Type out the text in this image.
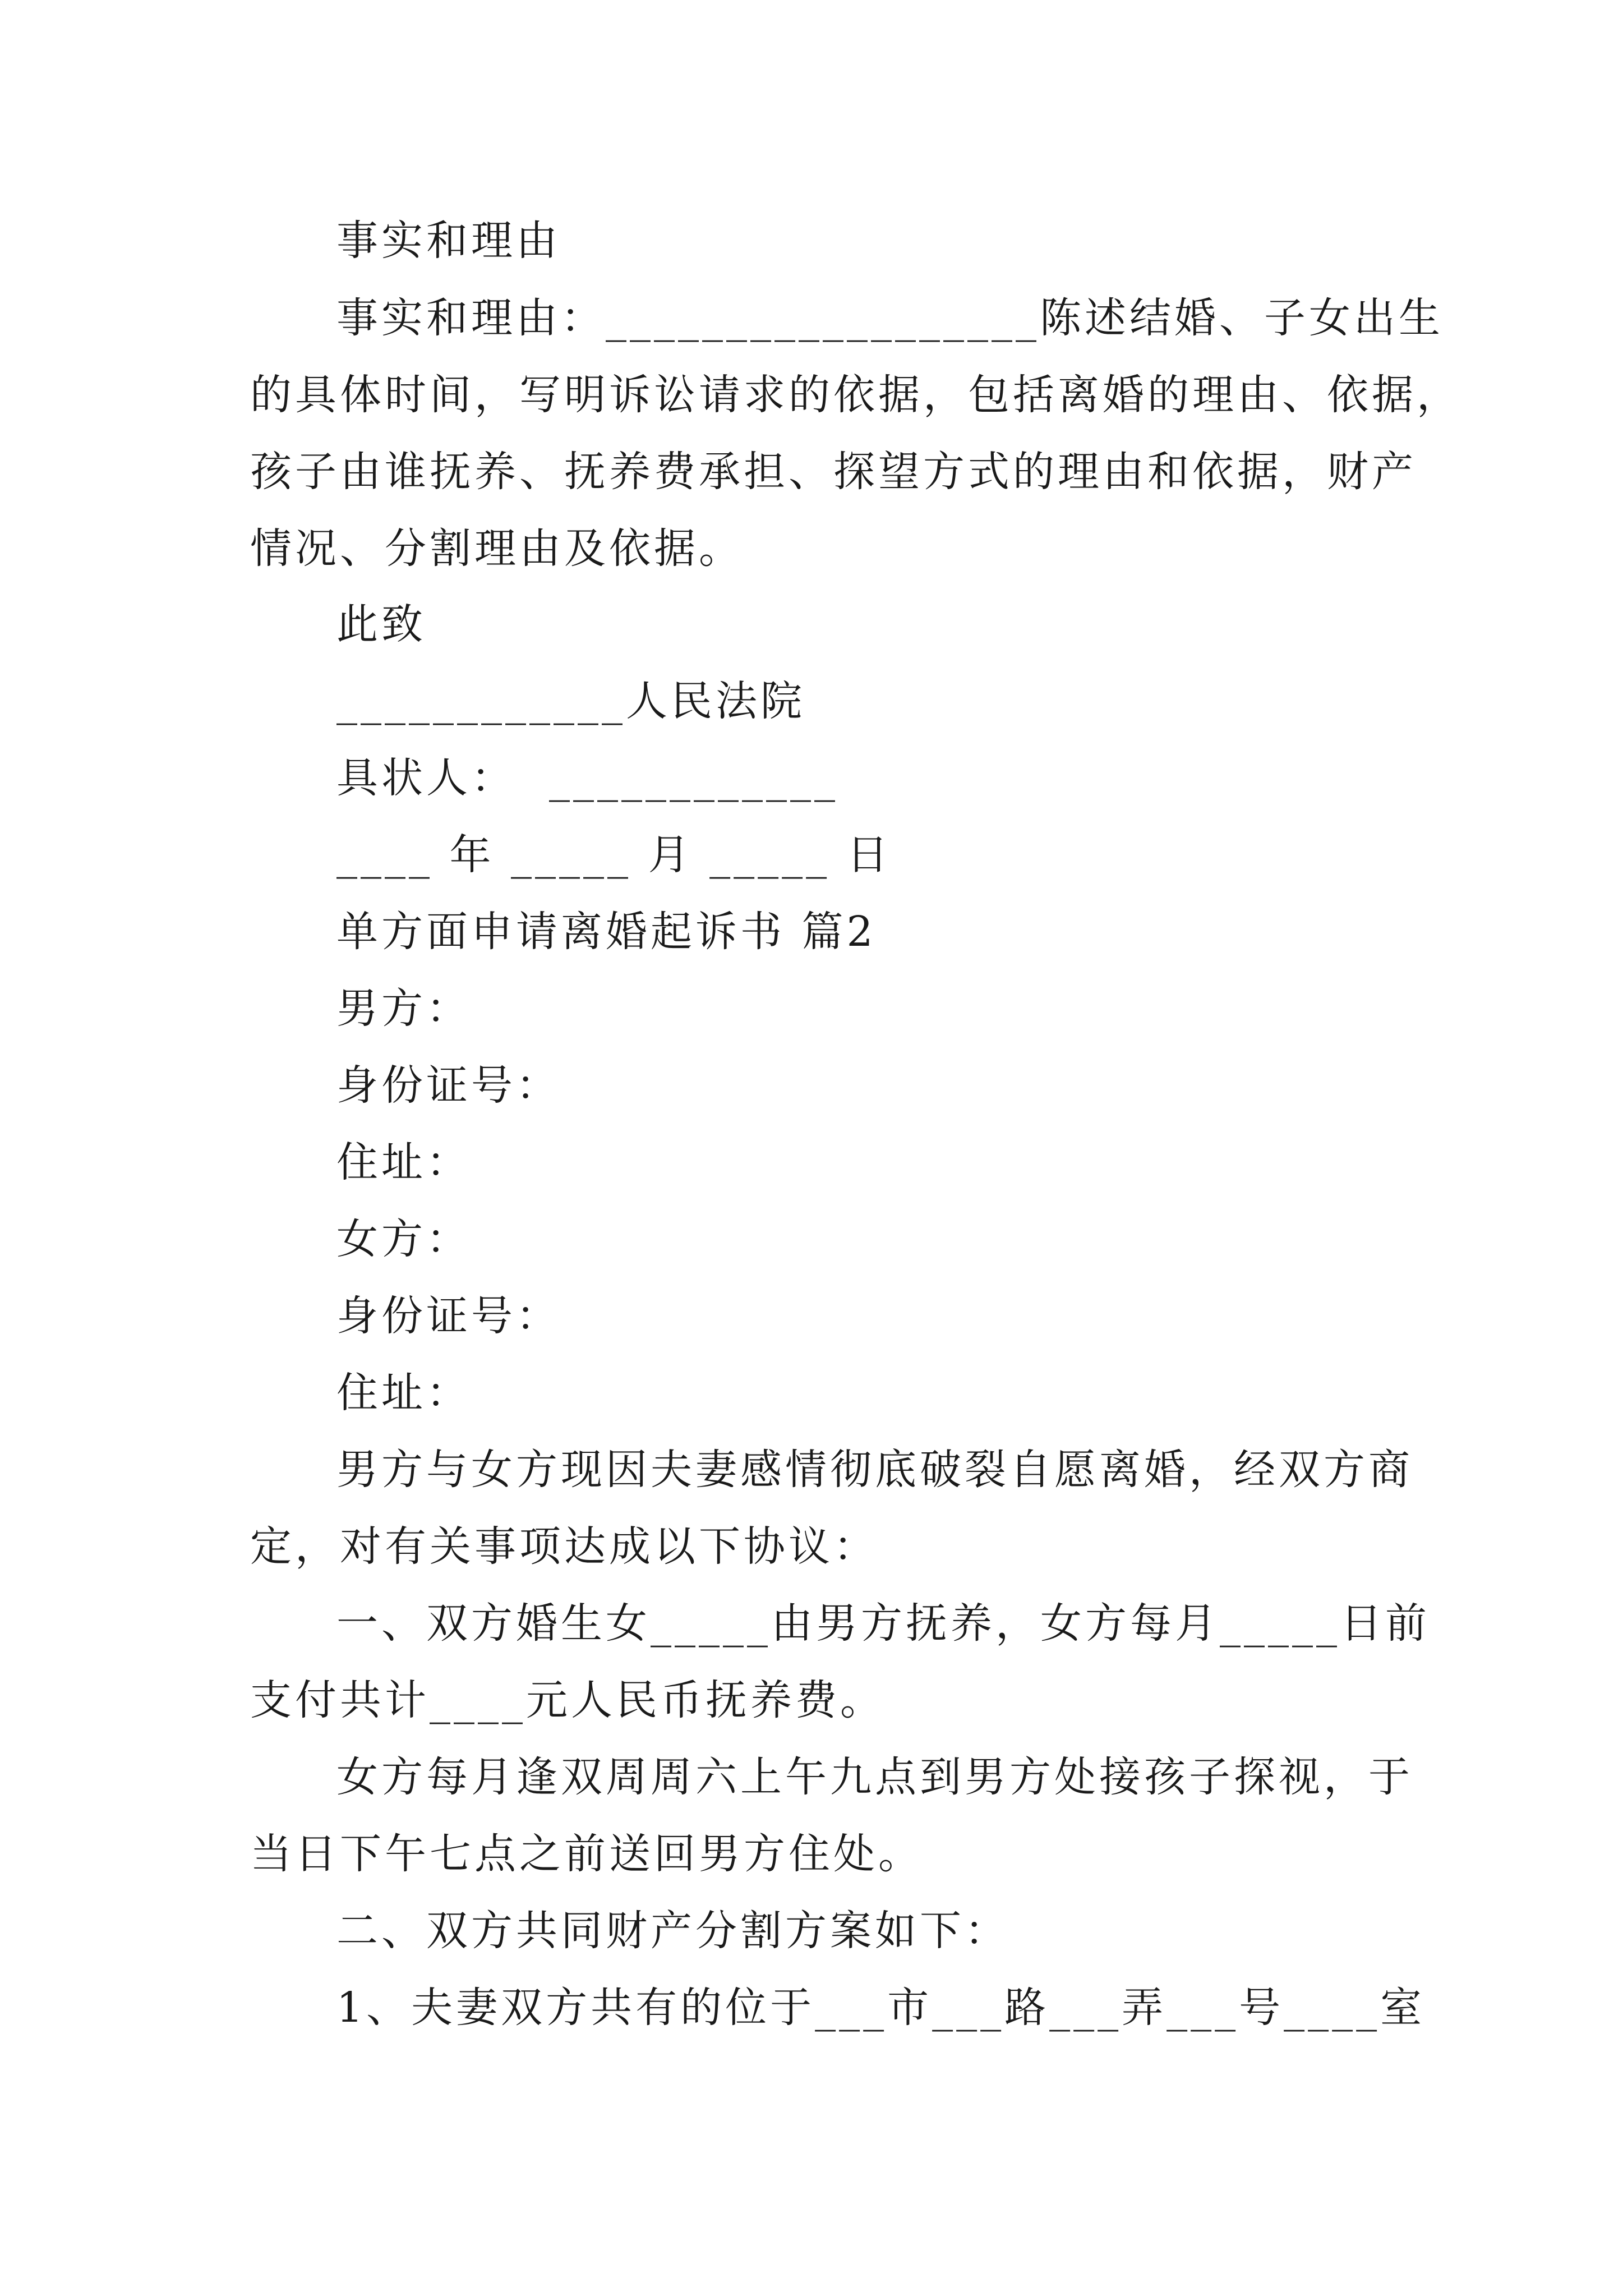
事实和理由
事实和理由：__________________陈述结婚、子女出生
的具体时间，写明诉讼请求的依据，包括离婚的理由、依据，
孩子由谁抚养、抚养费承担、探望方式的理由和依据，财产
情况、分割理由及依据。
此致
____________人民法院
具状人：  ____________
____ 年 _____ 月 _____ 日
单方面申请离婚起诉书 篇2
男方：
身份证号：
住址：
女方：
身份证号：
住址：
男方与女方现因夫妻感情彻底破裂自愿离婚，经双方商
定，对有关事项达成以下协议：
一、双方婚生女_____由男方抚养，女方每月_____日前
支付共计____元人民币抚养费。
女方每月逢双周周六上午九点到男方处接孩子探视，于
当日下午七点之前送回男方住处。
二、双方共同财产分割方案如下：
1、夫妻双方共有的位于___市___路___弄___号____室
